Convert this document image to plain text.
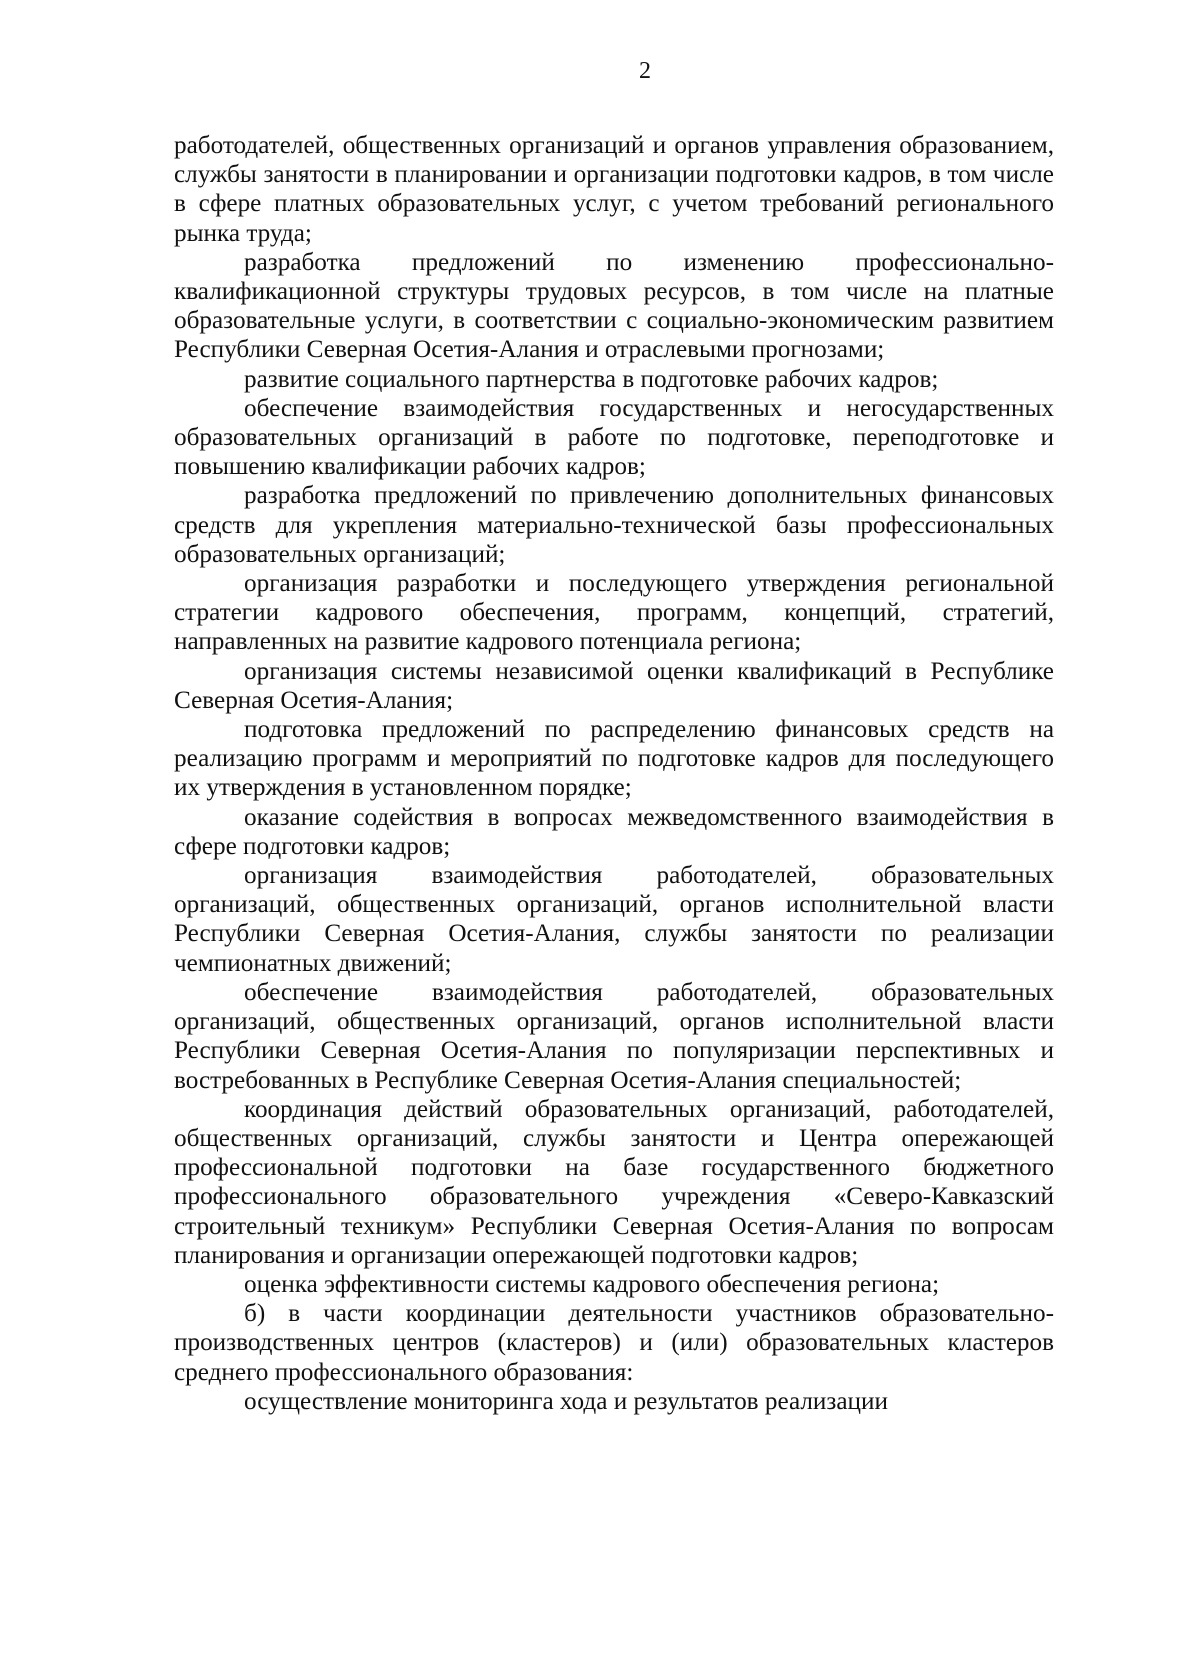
2

работодателей, общественных организаций и органов управления образованием, службы занятости в планировании и организации подготовки кадров, в том числе в сфере платных образовательных услуг, с учетом требований регионального рынка труда;

разработка предложений по изменению профессионально-квалификационной структуры трудовых ресурсов, в том числе на платные образовательные услуги, в соответствии с социально-экономическим развитием Республики Северная Осетия-Алания и отраслевыми прогнозами;

развитие социального партнерства в подготовке рабочих кадров;

обеспечение взаимодействия государственных и негосударственных образовательных организаций в работе по подготовке, переподготовке и повышению квалификации рабочих кадров;

разработка предложений по привлечению дополнительных финансовых средств для укрепления материально-технической базы профессиональных образовательных организаций;

организация разработки и последующего утверждения региональной стратегии кадрового обеспечения, программ, концепций, стратегий, направленных на развитие кадрового потенциала региона;

организация системы независимой оценки квалификаций в Республике Северная Осетия-Алания;

подготовка предложений по распределению финансовых средств на реализацию программ и мероприятий по подготовке кадров для последующего их утверждения в установленном порядке;

оказание содействия в вопросах межведомственного взаимодействия в сфере подготовки кадров;

организация взаимодействия работодателей, образовательных организаций, общественных организаций, органов исполнительной власти Республики Северная Осетия-Алания, службы занятости по реализации чемпионатных движений;

обеспечение взаимодействия работодателей, образовательных организаций, общественных организаций, органов исполнительной власти Республики Северная Осетия-Алания по популяризации перспективных и востребованных в Республике Северная Осетия-Алания специальностей;

координация действий образовательных организаций, работодателей, общественных организаций, службы занятости и Центра опережающей профессиональной подготовки на базе государственного бюджетного профессионального образовательного учреждения «Северо-Кавказский строительный техникум» Республики Северная Осетия-Алания по вопросам планирования и организации опережающей подготовки кадров;

оценка эффективности системы кадрового обеспечения региона;

б) в части координации деятельности участников образовательно-производственных центров (кластеров) и (или) образовательных кластеров среднего профессионального образования:

осуществление мониторинга хода и результатов реализации
